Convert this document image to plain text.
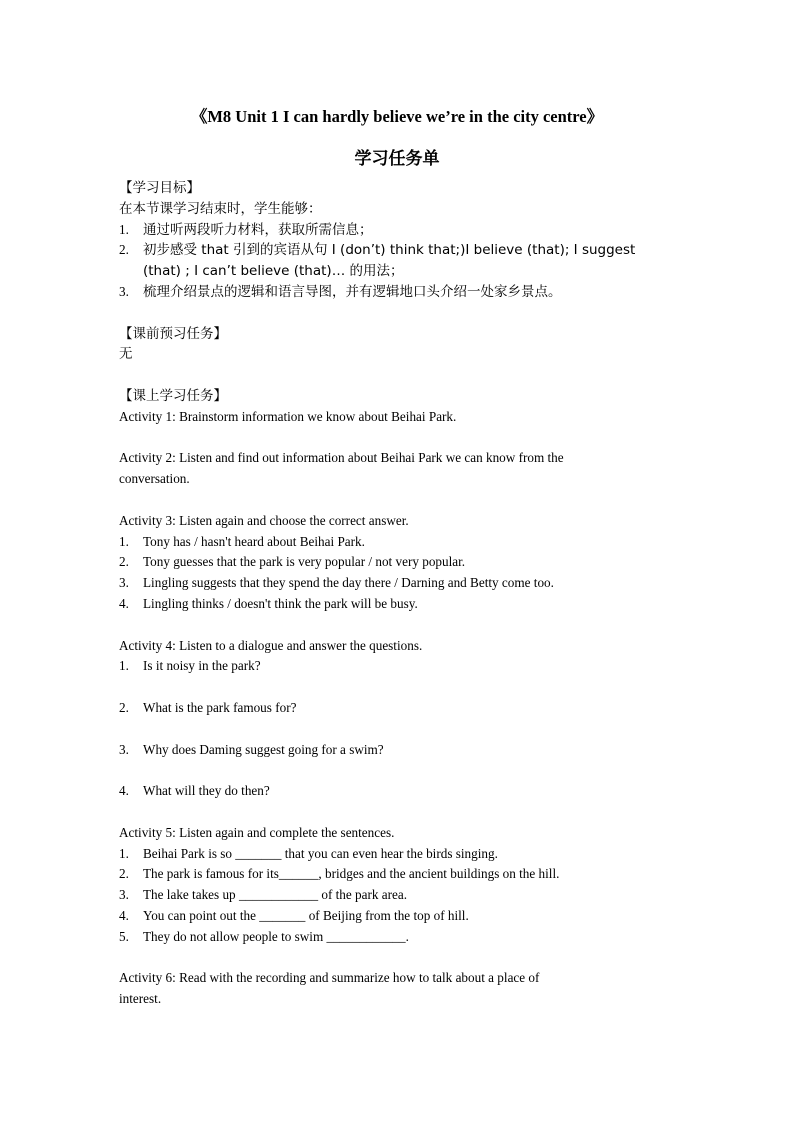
《M8 Unit 1 I can hardly believe we’re in the city centre》
学习任务单
【学习目标】
在本节课学习结束时，学生能够：
1. 通过听两段听力材料，获取所需信息；
2. 初步感受 that 引到的宾语从句 I (don’t) think that;)I believe (that); I suggest
(that) ; I can’t believe (that)… 的用法；
3. 梳理介绍景点的逻辑和语言导图，并有逻辑地口头介绍一处家乡景点。
【课前预习任务】
无
【课上学习任务】
Activity 1: Brainstorm information we know about Beihai Park.
Activity 2: Listen and find out information about Beihai Park we can know from the
conversation.
Activity 3: Listen again and choose the correct answer.
1. Tony has / hasn't heard about Beihai Park.
2. Tony guesses that the park is very popular / not very popular.
3. Lingling suggests that they spend the day there / Darning and Betty come too.
4. Lingling thinks / doesn't think the park will be busy.
Activity 4: Listen to a dialogue and answer the questions.
1. Is it noisy in the park?
2. What is the park famous for?
3. Why does Daming suggest going for a swim?
4. What will they do then?
Activity 5: Listen again and complete the sentences.
1. Beihai Park is so _______ that you can even hear the birds singing.
2. The park is famous for its______, bridges and the ancient buildings on the hill.
3. The lake takes up ____________ of the park area.
4. You can point out the _______ of Beijing from the top of hill.
5. They do not allow people to swim ____________.
Activity 6: Read with the recording and summarize how to talk about a place of
interest.
